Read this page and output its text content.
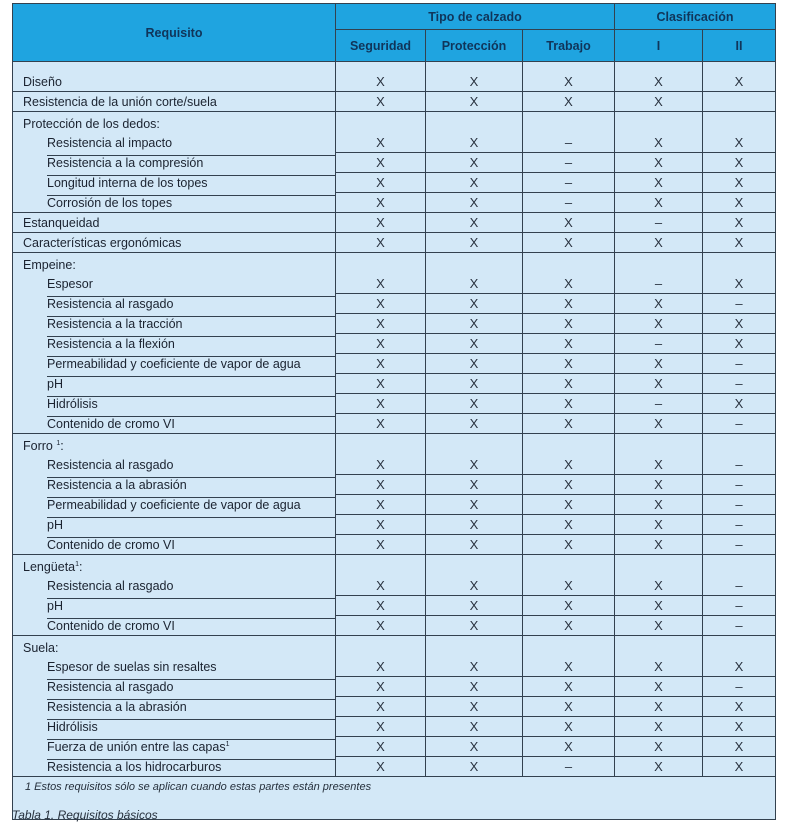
Requisito	Tipo de calzado			Clasificación	
	Seguridad	Protección	Trabajo	I	II

Diseño	X	X	X	X	X
Resistencia de la unión corte/suela	X	X	X	X	
Protección de los dedos:					

Resistencia al impacto	X	X	–	X	X

Resistencia a la compresión	X	X	–	X	X

Longitud interna de los topes	X	X	–	X	X

Corrosión de los topes	X	X	–	X	X
Estanqueidad	X	X	X	–	X
Características ergonómicas	X	X	X	X	X
Empeine:					

Espesor	X	X	X	–	X

Resistencia al rasgado	X	X	X	X	–

Resistencia a la tracción	X	X	X	X	X

Resistencia a la flexión	X	X	X	–	X

Permeabilidad y coeficiente de vapor de agua	X	X	X	X	–

pH	X	X	X	X	–

Hidrólisis	X	X	X	–	X

Contenido de cromo VI	X	X	X	X	–
Forro $^1$:					

Resistencia al rasgado	X	X	X	X	–

Resistencia a la abrasión	X	X	X	X	–

Permeabilidad y coeficiente de vapor de agua	X	X	X	X	–

pH	X	X	X	X	–

Contenido de cromo VI	X	X	X	X	–
Lengüeta$^1$:					

Resistencia al rasgado	X	X	X	X	–

pH	X	X	X	X	–

Contenido de cromo VI	X	X	X	X	–
Suela:					

Espesor de suelas sin resaltes	X	X	X	X	X

Resistencia al rasgado	X	X	X	X	–

Resistencia a la abrasión	X	X	X	X	X

Hidrólisis	X	X	X	X	X

Fuerza de unión entre las capas$^1$	X	X	X	X	X

Resistencia a los hidrocarburos	X	X	–	X	X
1 Estos requisitos sólo se aplican cuando estas partes están presentes					
Tabla 1. Requisitos básicos
